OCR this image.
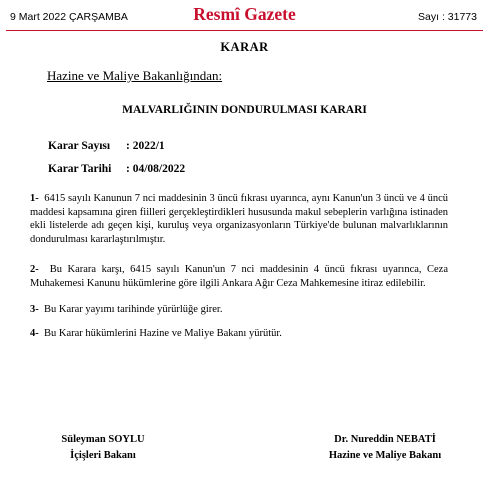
9 Mart 2022 ÇARŞAMBA	Resmî Gazete	Sayı : 31773
KARAR
Hazine ve Maliye Bakanlığından:
MALVARLIĞININ DONDURULMASI KARARI
Karar Sayısı : 2022/1
Karar Tarihi : 04/08/2022
1- 6415 sayılı Kanunun 7 nci maddesinin 3 üncü fıkrası uyarınca, aynı Kanun'un 3 üncü ve 4 üncü maddesi kapsamına giren fiilleri gerçekleştirdikleri hususunda makul sebeplerin varlığına istinaden ekli listelerde adı geçen kişi, kuruluş veya organizasyonların Türkiye'de bulunan malvarlıklarının dondurulması kararlaştırılmıştır.
2- Bu Karara karşı, 6415 sayılı Kanun'un 7 nci maddesinin 4 üncü fıkrası uyarınca, Ceza Muhakemesi Kanunu hükümlerine göre ilgili Ankara Ağır Ceza Mahkemesine itiraz edilebilir.
3- Bu Karar yayımı tarihinde yürürlüğe girer.
4- Bu Karar hükümlerini Hazine ve Maliye Bakanı yürütür.
Süleyman SOYLU
İçişleri Bakanı
Dr. Nureddin NEBATİ
Hazine ve Maliye Bakanı
